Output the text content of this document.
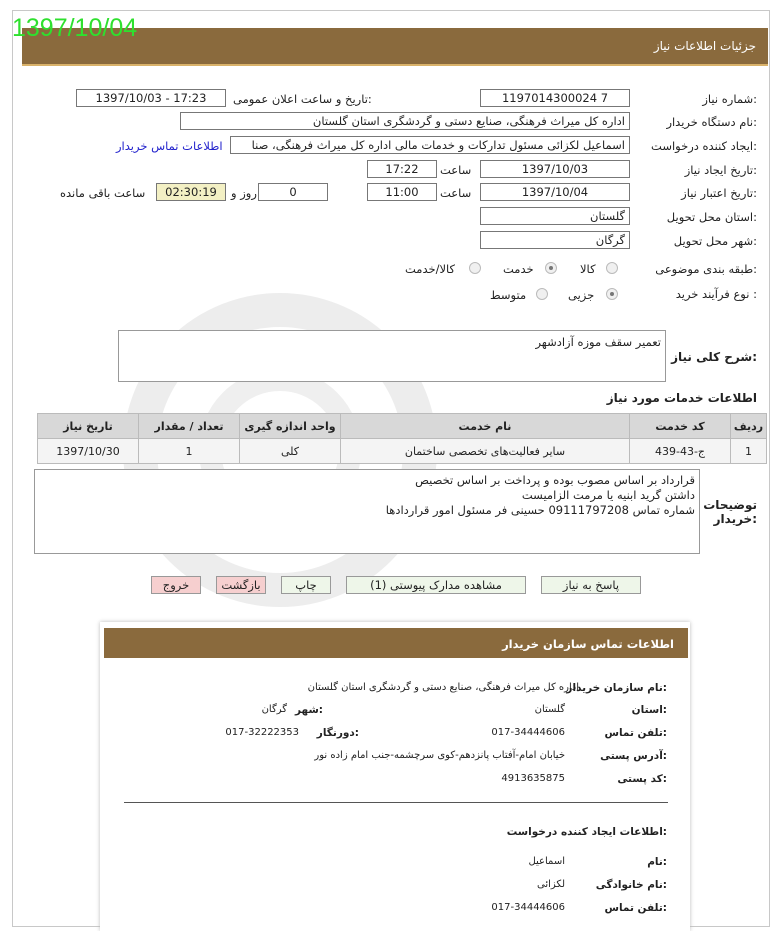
جزئیات اطلاعات نیاز
1397/10/04
شماره نیاز:
1197014300024 7
تاریخ و ساعت اعلان عمومی:
1397/10/03 - 17:23
نام دستگاه خریدار:
اداره کل میراث فرهنگی، صنایع دستی و گردشگری استان گلستان
ایجاد کننده درخواست:
اسماعیل لکزائی مسئول تدارکات و خدمات مالی اداره کل میراث فرهنگی، صنا
اطلاعات تماس خریدار
تاریخ ایجاد نیاز:
1397/10/03
ساعت
17:22
تاریخ اعتبار نیاز:
1397/10/04
ساعت
11:00
0
روز و
02:30:19
ساعت باقی مانده
استان محل تحویل:
گلستان
شهر محل تحویل:
گرگان
طبقه بندی موضوعی:
کالا
خدمت
کالا/خدمت
نوع فرآیند خرید :
جزیی
متوسط
شرح کلی نیاز:
تعمیر سقف موزه آزادشهر
اطلاعات خدمات مورد نیاز
تاریخ نیاز	تعداد / مقدار	واحد اندازه گیری	نام خدمت	کد خدمت	ردیف
1397/10/30	1	کلی	سایر فعالیت‌های تخصصی ساختمان	ج-43-439	1
توضیحات خریدار:
قرارداد بر اساس مصوب بوده و پرداخت بر اساس تخصیص
داشتن گرید ابنیه یا مرمت الزامیست
شماره تماس 09111797208 حسینی فر مسئول امور قراردادها
پاسخ به نیاز
مشاهده مدارک پیوستی (1)
چاپ
بازگشت
خروج
اطلاعات تماس سازمان خریدار
نام سازمان خریدار:
اداره کل میراث فرهنگی، صنایع دستی و گردشگری استان گلستان
استان:
گلستان
شهر:
گرگان
تلفن تماس:
017-34444606
دورنگار:
017-32222353
آدرس پستی:
خیابان امام-آفتاب پانزدهم-کوی سرچشمه-جنب امام زاده نور
کد پستی:
4913635875
اطلاعات ایجاد کننده درخواست:
نام:
اسماعیل
نام خانوادگی:
لکزائی
تلفن تماس:
017-34444606
